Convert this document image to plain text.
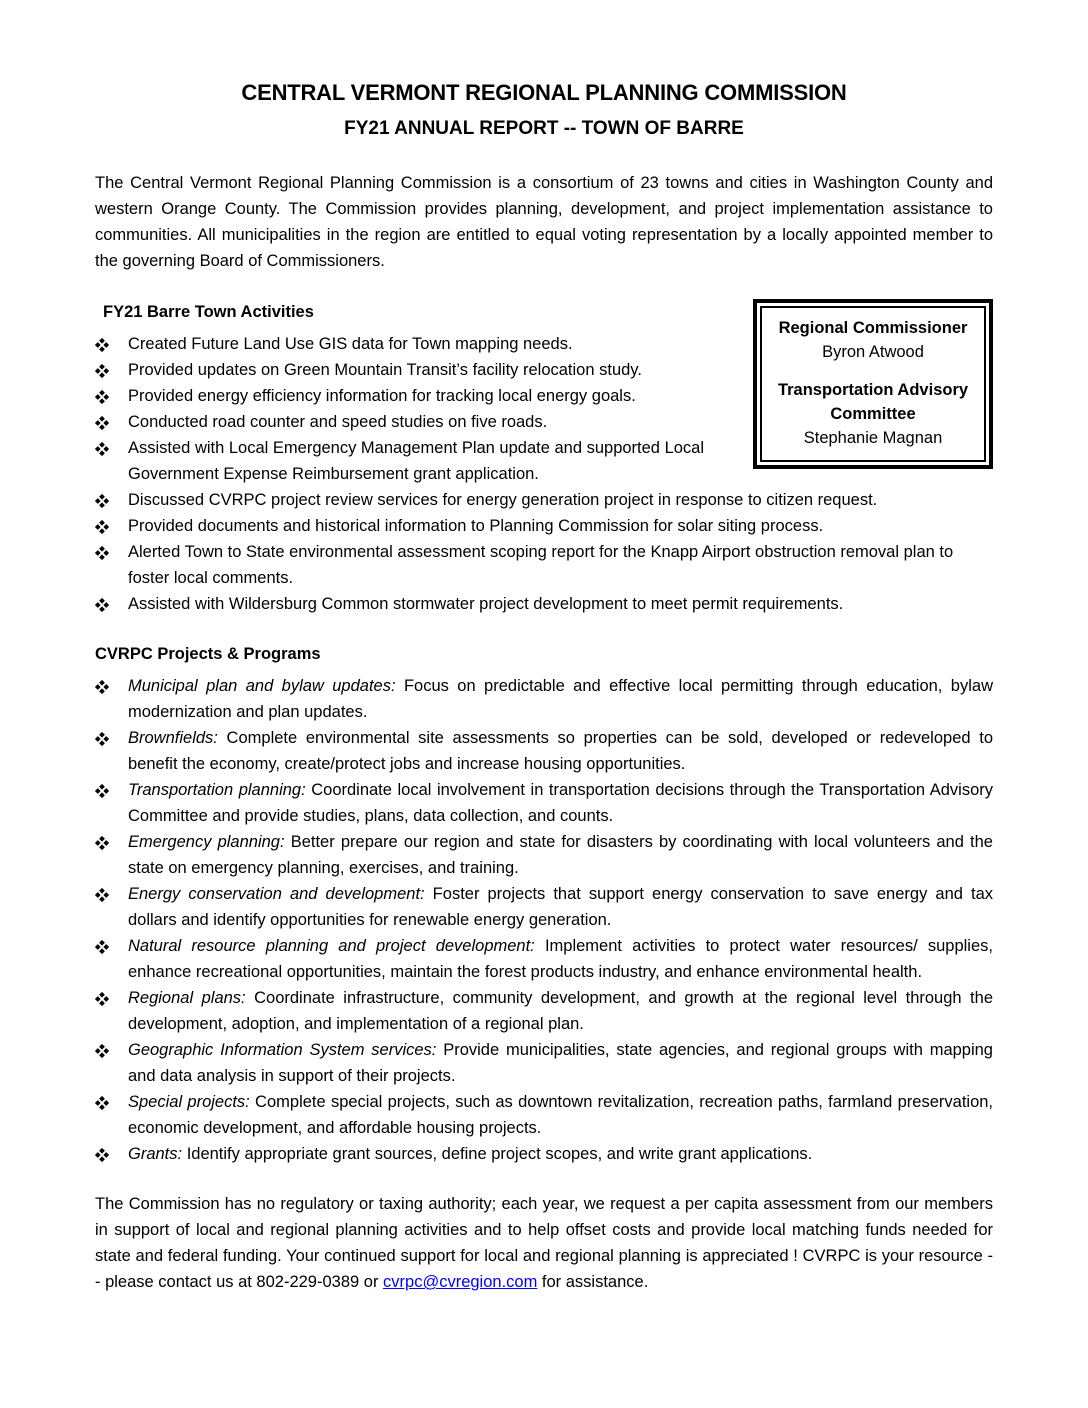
CENTRAL VERMONT REGIONAL PLANNING COMMISSION
FY21 ANNUAL REPORT -- TOWN OF BARRE

The Central Vermont Regional Planning Commission is a consortium of 23 towns and cities in Washington County and western Orange County. The Commission provides planning, development, and project implementation assistance to communities. All municipalities in the region are entitled to equal voting representation by a locally appointed member to the governing Board of Commissioners.

Regional Commissioner
Byron Atwood
Transportation Advisory Committee
Stephanie Magnan
FY21 Barre Town Activities
Created Future Land Use GIS data for Town mapping needs.
Provided updates on Green Mountain Transit’s facility relocation study.
Provided energy efficiency information for tracking local energy goals.
Conducted road counter and speed studies on five roads.
Assisted with Local Emergency Management Plan update and supported Local Government Expense Reimbursement grant application.
Discussed CVRPC project review services for energy generation project in response to citizen request.
Provided documents and historical information to Planning Commission for solar siting process.
Alerted Town to State environmental assessment scoping report for the Knapp Airport obstruction removal plan to foster local comments.
Assisted with Wildersburg Common stormwater project development to meet permit requirements.
CVRPC Projects & Programs
Municipal plan and bylaw updates: Focus on predictable and effective local permitting through education, bylaw modernization and plan updates.
Brownfields: Complete environmental site assessments so properties can be sold, developed or redeveloped to benefit the economy, create/protect jobs and increase housing opportunities.
Transportation planning: Coordinate local involvement in transportation decisions through the Transportation Advisory Committee and provide studies, plans, data collection, and counts.
Emergency planning: Better prepare our region and state for disasters by coordinating with local volunteers and the state on emergency planning, exercises, and training.
Energy conservation and development: Foster projects that support energy conservation to save energy and tax dollars and identify opportunities for renewable energy generation.
Natural resource planning and project development: Implement activities to protect water resources/ supplies, enhance recreational opportunities, maintain the forest products industry, and enhance environmental health.
Regional plans: Coordinate infrastructure, community development, and growth at the regional level through the development, adoption, and implementation of a regional plan.
Geographic Information System services: Provide municipalities, state agencies, and regional groups with mapping and data analysis in support of their projects.
Special projects: Complete special projects, such as downtown revitalization, recreation paths, farmland preservation, economic development, and affordable housing projects.
Grants: Identify appropriate grant sources, define project scopes, and write grant applications.

The Commission has no regulatory or taxing authority; each year, we request a per capita assessment from our members in support of local and regional planning activities and to help offset costs and provide local matching funds needed for state and federal funding. Your continued support for local and regional planning is appreciated ! CVRPC is your resource -- please contact us at 802-229-0389 or cvrpc@cvregion.com for assistance.
